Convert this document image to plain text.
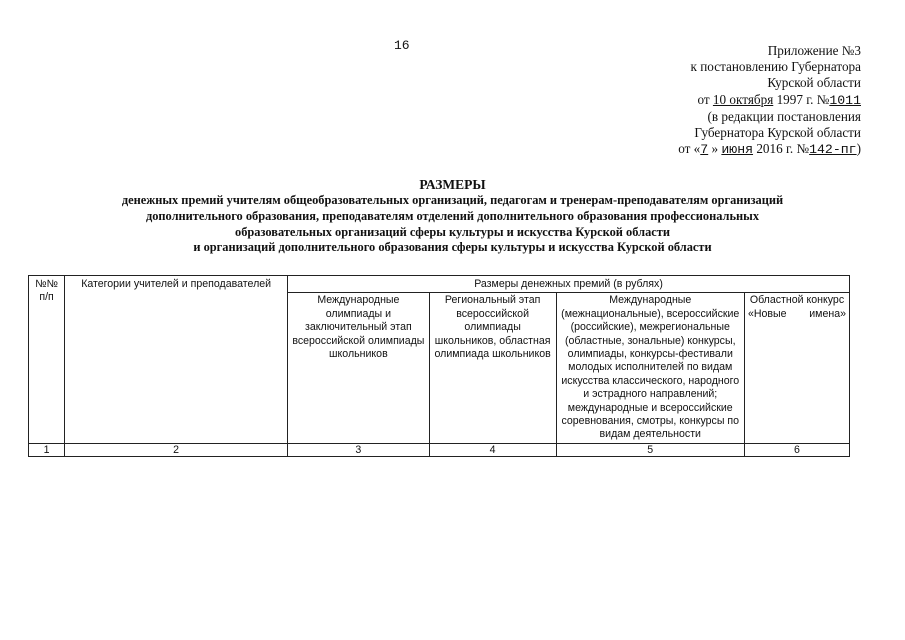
16	Приложение №3
к постановлению Губернатора
Курской области
от 10 октября 1997 г. №1011
(в редакции постановления
Губернатора Курской области
от «7 » июня 2016 г. №142-пг)
РАЗМЕРЫ
денежных премий учителям общеобразовательных организаций, педагогам и тренерам-преподавателям организаций
дополнительного образования, преподавателям отделений дополнительного образования профессиональных
образовательных организаций сферы культуры и искусства Курской области
и организаций дополнительного образования сферы культуры и искусства Курской области
№№ п/п	Категории учителей и преподавателей	Размеры денежных премий (в рублях)			
		Международные олимпиады и заключительный этап всероссийской олимпиады школьников	Региональный этап всероссийской олимпиады школьников, областная олимпиада школьников	Международные (межнациональные), всероссийские (российские), межрегиональные (областные, зональные) конкурсы, олимпиады, конкурсы-фестивали молодых исполнителей по видам искусства классического, народного и эстрадного направлений; международные и всероссийские соревнования, смотры, конкурсы по видам деятельности	Областной конкурс «Новые имена»
1	2	3	4	5	6
